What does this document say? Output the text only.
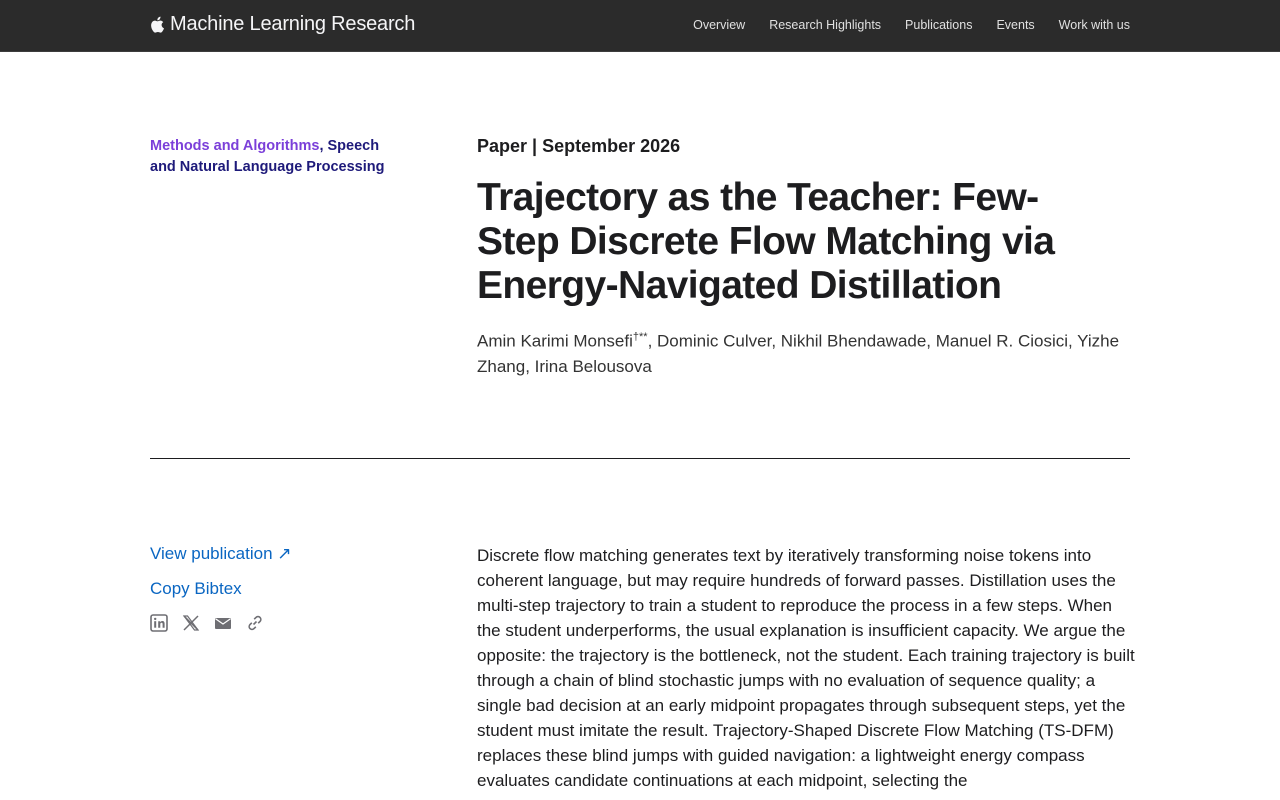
Machine Learning Research	Overview Research Highlights Publications Events Work with us
Methods and Algorithms, Speech and Natural Language Processing
Paper | September 2026
Trajectory as the Teacher: Few-Step Discrete Flow Matching via Energy-Navigated Distillation

Amin Karimi Monsefi†**, Dominic Culver, Nikhil Bhendawade, Manuel R. Ciosici, Yizhe Zhang, Irina Belousova

View publication ↗
Copy Bibtex

Discrete flow matching generates text by iteratively transforming noise tokens into coherent language, but may require hundreds of forward passes. Distillation uses the multi-step trajectory to train a student to reproduce the process in a few steps. When the student underperforms, the usual explanation is insufficient capacity. We argue the opposite: the trajectory is the bottleneck, not the student. Each training trajectory is built through a chain of blind stochastic jumps with no evaluation of sequence quality; a single bad decision at an early midpoint propagates through subsequent steps, yet the student must imitate the result. Trajectory-Shaped Discrete Flow Matching (TS-DFM) replaces these blind jumps with guided navigation: a lightweight energy compass evaluates candidate continuations at each midpoint, selecting the
